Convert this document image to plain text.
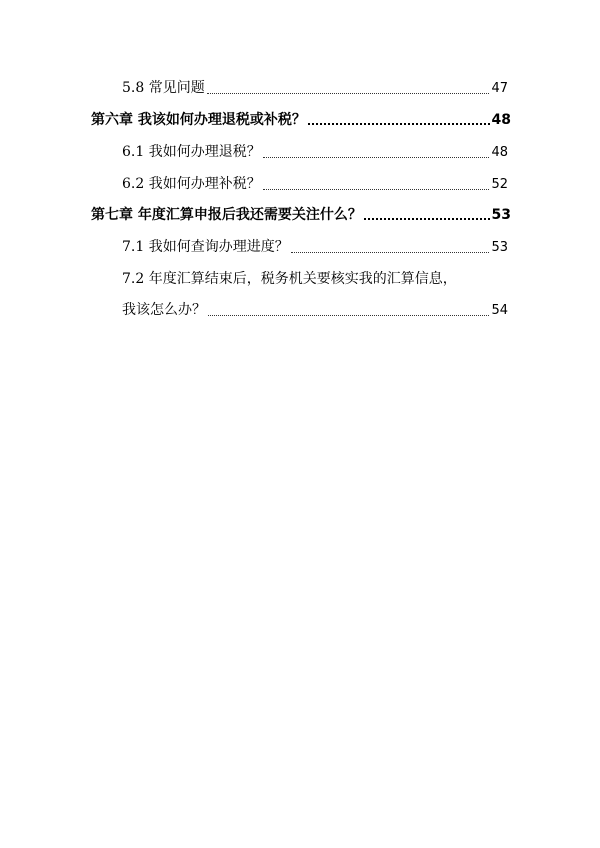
5.8 常见问题	47
第六章 我该如何办理退税或补税？	48
6.1 我如何办理退税？	48
6.2 我如何办理补税？	52
第七章 年度汇算申报后我还需要关注什么？	53
7.1 我如何查询办理进度？	53
7.2 年度汇算结束后，税务机关要核实我的汇算信息，
我该怎么办？	54
